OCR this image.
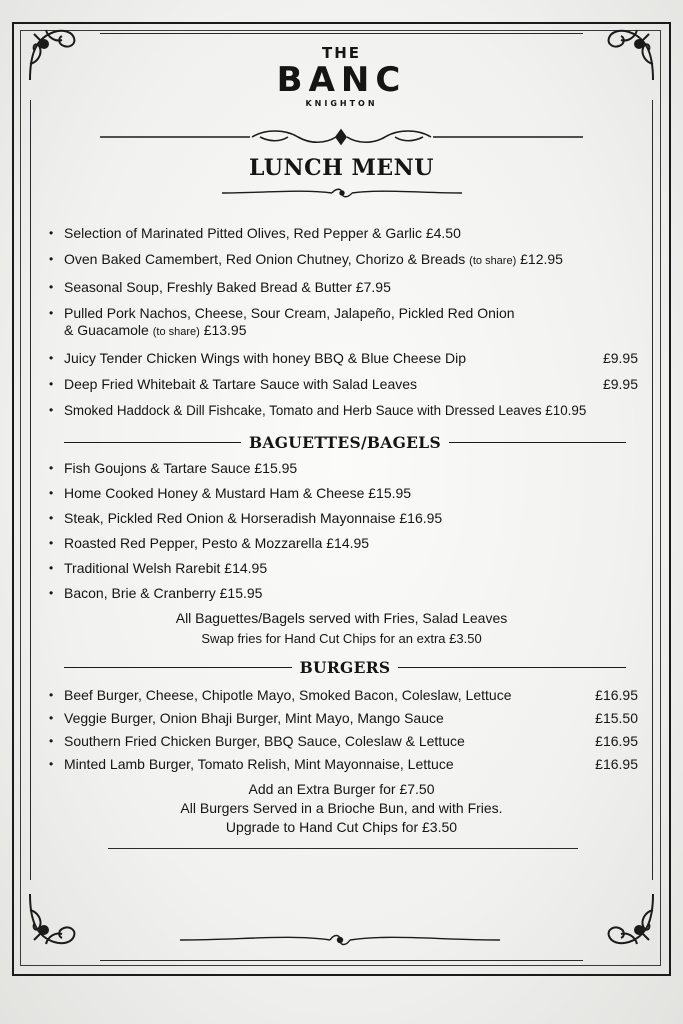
THE
BANC
KNIGHTON
LUNCH MENU
• Selection of Marinated Pitted Olives, Red Pepper & Garlic £4.50
• Oven Baked Camembert, Red Onion Chutney, Chorizo & Breads (to share) £12.95
• Seasonal Soup, Freshly Baked Bread & Butter £7.95
• Pulled Pork Nachos, Cheese, Sour Cream, Jalapeño, Pickled Red Onion
& Guacamole (to share) £13.95
• Juicy Tender Chicken Wings with honey BBQ & Blue Cheese Dip	£9.95
• Deep Fried Whitebait & Tartare Sauce with Salad Leaves	£9.95
• Smoked Haddock & Dill Fishcake, Tomato and Herb Sauce with Dressed Leaves £10.95
BAGUETTES/BAGELS
• Fish Goujons & Tartare Sauce £15.95
• Home Cooked Honey & Mustard Ham & Cheese £15.95
• Steak, Pickled Red Onion & Horseradish Mayonnaise £16.95
• Roasted Red Pepper, Pesto & Mozzarella £14.95
• Traditional Welsh Rarebit £14.95
• Bacon, Brie & Cranberry £15.95
All Baguettes/Bagels served with Fries, Salad Leaves
Swap fries for Hand Cut Chips for an extra £3.50
BURGERS
• Beef Burger, Cheese, Chipotle Mayo, Smoked Bacon, Coleslaw, Lettuce	£16.95
• Veggie Burger, Onion Bhaji Burger, Mint Mayo, Mango Sauce	£15.50
• Southern Fried Chicken Burger, BBQ Sauce, Coleslaw & Lettuce	£16.95
• Minted Lamb Burger, Tomato Relish, Mint Mayonnaise, Lettuce	£16.95
Add an Extra Burger for £7.50
All Burgers Served in a Brioche Bun, and with Fries.
Upgrade to Hand Cut Chips for £3.50
